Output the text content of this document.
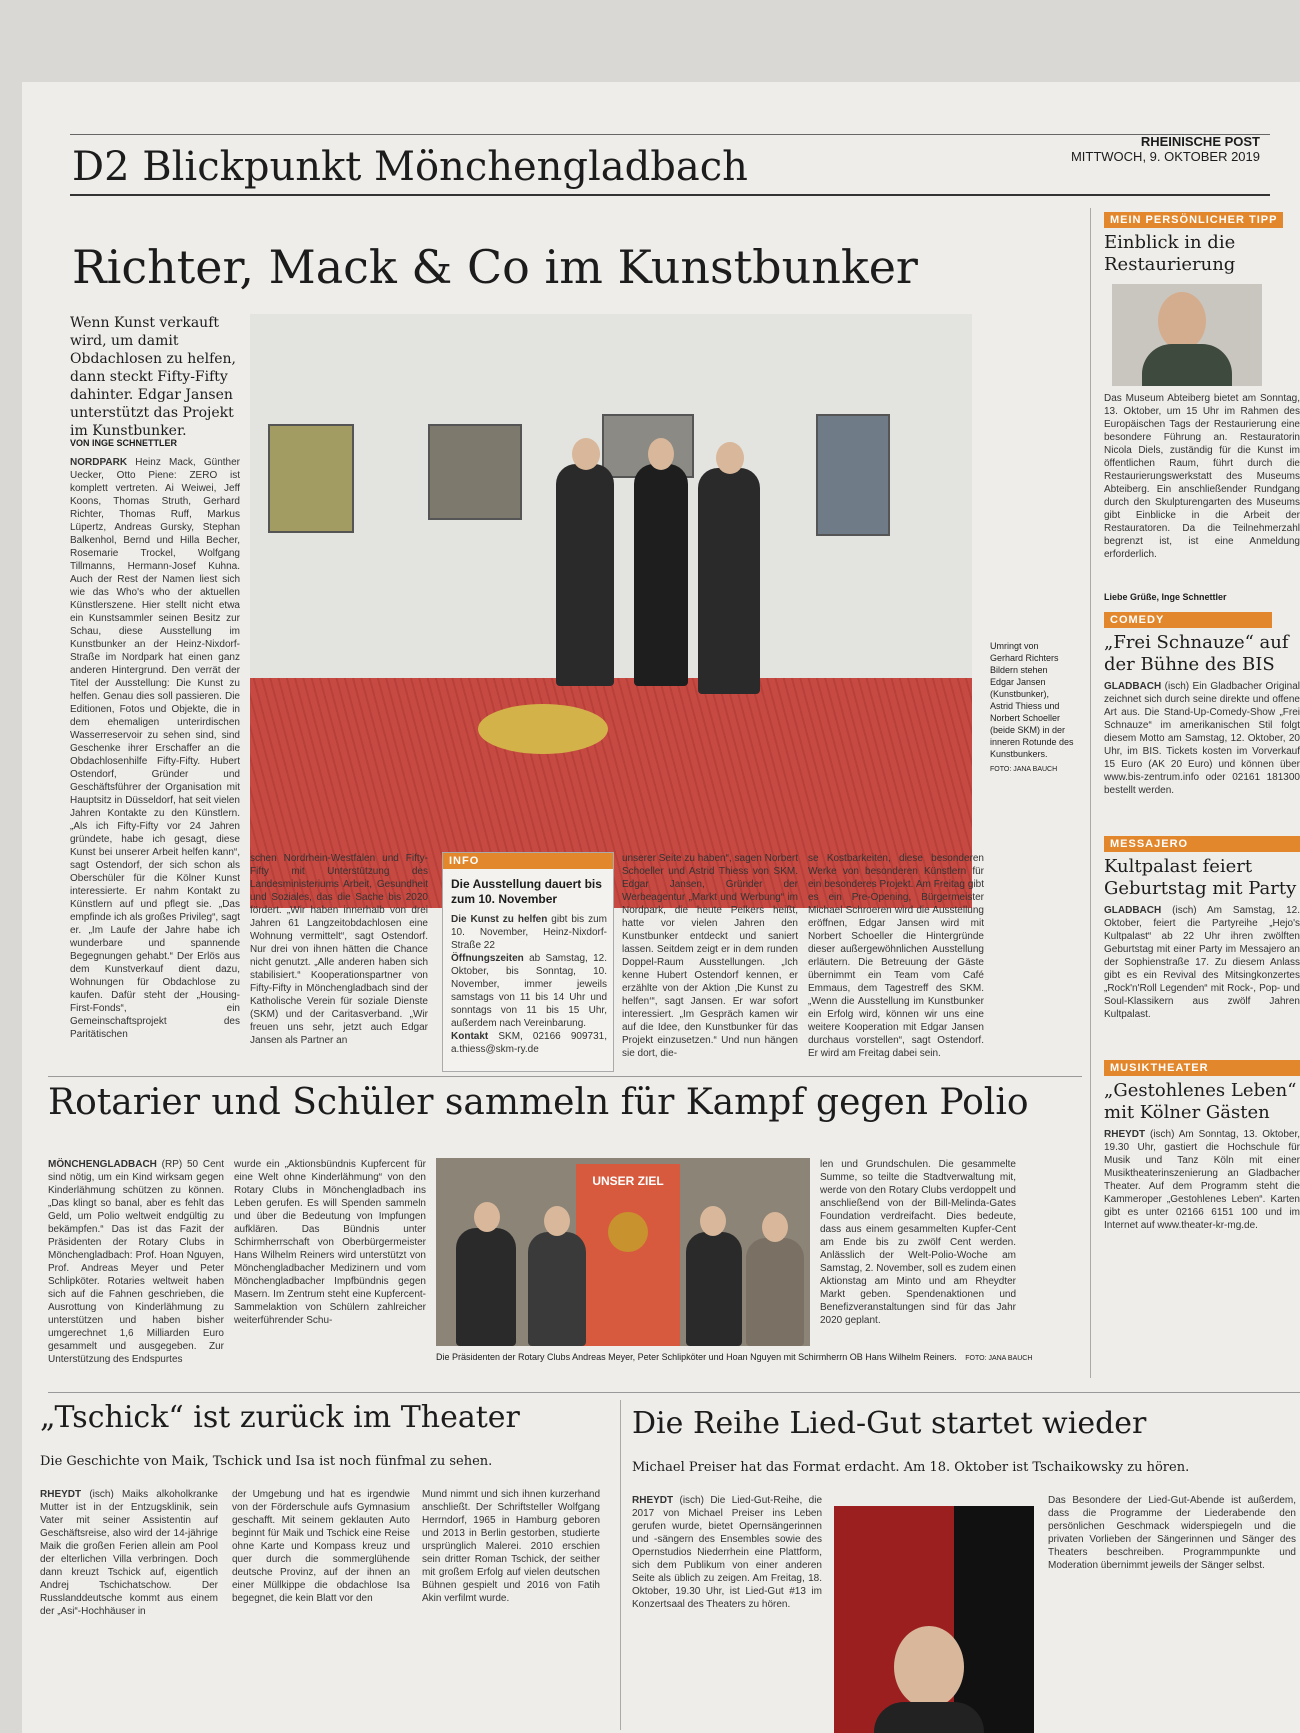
D2 Blickpunkt Mönchengladbach
RHEINISCHE POST
MITTWOCH, 9. OKTOBER 2019
Richter, Mack & Co im Kunstbunker
Wenn Kunst verkauft wird, um damit Obdachlosen zu helfen, dann steckt Fifty-Fifty dahinter. Edgar Jansen unterstützt das Projekt im Kunstbunker.
VON INGE SCHNETTLER
Umringt von Gerhard Richters Bildern stehen Edgar Jansen (Kunstbunker), Astrid Thiess und Norbert Schoeller (beide SKM) in der inneren Rotunde des Kunstbunkers.
FOTO: JANA BAUCH
NORDPARK Heinz Mack, Günther Uecker, Otto Piene: ZERO ist komplett vertreten. Ai Weiwei, Jeff Koons, Thomas Struth, Gerhard Richter, Thomas Ruff, Markus Lüpertz, Andreas Gursky, Stephan Balkenhol, Bernd und Hilla Becher, Rosemarie Trockel, Wolfgang Tillmanns, Hermann-Josef Kuhna. Auch der Rest der Namen liest sich wie das Who's who der aktuellen Künstlerszene. Hier stellt nicht etwa ein Kunstsammler seinen Besitz zur Schau, diese Ausstellung im Kunstbunker an der Heinz-Nixdorf-Straße im Nordpark hat einen ganz anderen Hintergrund. Den verrät der Titel der Ausstellung: Die Kunst zu helfen. Genau dies soll passieren. Die Editionen, Fotos und Objekte, die in dem ehemaligen unterirdischen Wasserreservoir zu sehen sind, sind Geschenke ihrer Erschaffer an die Obdachlosenhilfe Fifty-Fifty. Hubert Ostendorf, Gründer und Geschäftsführer der Organisation mit Hauptsitz in Düsseldorf, hat seit vielen Jahren Kontakte zu den Künstlern. „Als ich Fifty-Fifty vor 24 Jahren gründete, habe ich gesagt, diese Kunst bei unserer Arbeit helfen kann“, sagt Ostendorf, der sich schon als Oberschüler für die Kölner Kunst interessierte. Er nahm Kontakt zu Künstlern auf und pflegt sie. „Das empfinde ich als großes Privileg“, sagt er. „Im Laufe der Jahre habe ich wunderbare und spannende Begegnungen gehabt.“ Der Erlös aus dem Kunstverkauf dient dazu, Wohnungen für Obdachlose zu kaufen. Dafür steht der „Housing-First-Fonds“, ein Gemeinschaftsprojekt des Paritätischen
schen Nordrhein-Westfalen und Fifty-Fifty mit Unterstützung des Landesministeriums Arbeit, Gesundheit und Soziales, das die Sache bis 2020 fördert. „Wir haben innerhalb von drei Jahren 61 Langzeitobdachlosen eine Wohnung vermittelt“, sagt Ostendorf. Nur drei von ihnen hätten die Chance nicht genutzt. „Alle anderen haben sich stabilisiert.“ Kooperationspartner von Fifty-Fifty in Mönchengladbach sind der Katholische Verein für soziale Dienste (SKM) und der Caritasverband. „Wir freuen uns sehr, jetzt auch Edgar Jansen als Partner an
INFO
Die Ausstellung dauert bis zum 10. November
Die Kunst zu helfen gibt bis zum 10. November, Heinz-Nixdorf-Straße 22
Öffnungszeiten ab Samstag, 12. Oktober, bis Sonntag, 10. November, immer jeweils samstags von 11 bis 14 Uhr und sonntags von 11 bis 15 Uhr, außerdem nach Vereinbarung.
Kontakt SKM, 02166 909731, a.thiess@skm-ry.de
unserer Seite zu haben“, sagen Norbert Schoeller und Astrid Thiess von SKM. Edgar Jansen, Gründer der Werbeagentur „Markt und Werbung“ im Nordpark, die heute Pelkers heißt, hatte vor vielen Jahren den Kunstbunker entdeckt und saniert lassen. Seitdem zeigt er in dem runden Doppel-Raum Ausstellungen. „Ich kenne Hubert Ostendorf kennen, er erzählte von der Aktion ‚Die Kunst zu helfen‘“, sagt Jansen. Er war sofort interessiert. „Im Gespräch kamen wir auf die Idee, den Kunstbunker für das Projekt einzusetzen.“ Und nun hängen sie dort, die-
se Kostbarkeiten, diese besonderen Werke von besonderen Künstlern für ein besonderes Projekt. Am Freitag gibt es ein Pre-Opening, Bürgermeister Michael Schroeren wird die Ausstellung eröffnen, Edgar Jansen wird mit Norbert Schoeller die Hintergründe dieser außergewöhnlichen Ausstellung erläutern. Die Betreuung der Gäste übernimmt ein Team vom Café Emmaus, dem Tagestreff des SKM. „Wenn die Ausstellung im Kunstbunker ein Erfolg wird, können wir uns eine weitere Kooperation mit Edgar Jansen durchaus vorstellen“, sagt Ostendorf. Er wird am Freitag dabei sein.
MEIN PERSÖNLICHER TIPP
Einblick in die Restaurierung
Das Museum Abteiberg bietet am Sonntag, 13. Oktober, um 15 Uhr im Rahmen des Europäischen Tags der Restaurierung eine besondere Führung an. Restauratorin Nicola Diels, zuständig für die Kunst im öffentlichen Raum, führt durch die Restaurierungswerkstatt des Museums Abteiberg. Ein anschließender Rundgang durch den Skulpturengarten des Museums gibt Einblicke in die Arbeit der Restauratoren. Da die Teilnehmerzahl begrenzt ist, ist eine Anmeldung erforderlich.
Liebe Grüße, Inge Schnettler
COMEDY
„Frei Schnauze“ auf der Bühne des BIS
GLADBACH (isch) Ein Gladbacher Original zeichnet sich durch seine direkte und offene Art aus. Die Stand-Up-Comedy-Show „Frei Schnauze“ im amerikanischen Stil folgt diesem Motto am Samstag, 12. Oktober, 20 Uhr, im BIS. Tickets kosten im Vorverkauf 15 Euro (AK 20 Euro) und können über www.bis-zentrum.info oder 02161 181300 bestellt werden.
MESSAJERO
Kultpalast feiert Geburtstag mit Party
GLADBACH (isch) Am Samstag, 12. Oktober, feiert die Partyreihe „Hejo's Kultpalast“ ab 22 Uhr ihren zwölften Geburtstag mit einer Party im Messajero an der Sophienstraße 17. Zu diesem Anlass gibt es ein Revival des Mitsingkonzertes „Rock'n'Roll Legenden“ mit Rock-, Pop- und Soul-Klassikern aus zwölf Jahren Kultpalast.
MUSIKTHEATER
„Gestohlenes Leben“ mit Kölner Gästen
RHEYDT (isch) Am Sonntag, 13. Oktober, 19.30 Uhr, gastiert die Hochschule für Musik und Tanz Köln mit einer Musiktheaterinszenierung an Gladbacher Theater. Auf dem Programm steht die Kammeroper „Gestohlenes Leben“. Karten gibt es unter 02166 6151 100 und im Internet auf www.theater-kr-mg.de.
Rotarier und Schüler sammeln für Kampf gegen Polio
MÖNCHENGLADBACH (RP) 50 Cent sind nötig, um ein Kind wirksam gegen Kinderlähmung schützen zu können. „Das klingt so banal, aber es fehlt das Geld, um Polio weltweit endgültig zu bekämpfen.“ Das ist das Fazit der Präsidenten der Rotary Clubs in Mönchengladbach: Prof. Hoan Nguyen, Prof. Andreas Meyer und Peter Schlipköter. Rotaries weltweit haben sich auf die Fahnen geschrieben, die Ausrottung von Kinderlähmung zu unterstützen und haben bisher umgerechnet 1,6 Milliarden Euro gesammelt und ausgegeben. Zur Unterstützung des Endspurtes
wurde ein „Aktionsbündnis Kupfercent für eine Welt ohne Kinderlähmung“ von den Rotary Clubs in Mönchengladbach ins Leben gerufen. Es will Spenden sammeln und über die Bedeutung von Impfungen aufklären. Das Bündnis unter Schirmherrschaft von Oberbürgermeister Hans Wilhelm Reiners wird unterstützt von Mönchengladbacher Medizinern und vom Mönchengladbacher Impfbündnis gegen Masern. Im Zentrum steht eine Kupfercent-Sammelaktion von Schülern zahlreicher weiterführender Schu-
UNSER ZIEL
Die Präsidenten der Rotary Clubs Andreas Meyer, Peter Schlipköter und Hoan Nguyen mit Schirmherrn OB Hans Wilhelm Reiners. FOTO: JANA BAUCH
len und Grundschulen. Die gesammelte Summe, so teilte die Stadtverwaltung mit, werde von den Rotary Clubs verdoppelt und anschließend von der Bill-Melinda-Gates Foundation verdreifacht. Dies bedeute, dass aus einem gesammelten Kupfer-Cent am Ende bis zu zwölf Cent werden. Anlässlich der Welt-Polio-Woche am Samstag, 2. November, soll es zudem einen Aktionstag am Minto und am Rheydter Markt geben. Spendenaktionen und Benefizveranstaltungen sind für das Jahr 2020 geplant.
„Tschick“ ist zurück im Theater
Die Geschichte von Maik, Tschick und Isa ist noch fünfmal zu sehen.
RHEYDT (isch) Maiks alkoholkranke Mutter ist in der Entzugsklinik, sein Vater mit seiner Assistentin auf Geschäftsreise, also wird der 14-jährige Maik die großen Ferien allein am Pool der elterlichen Villa verbringen. Doch dann kreuzt Tschick auf, eigentlich Andrej Tschichatschow. Der Russlanddeutsche kommt aus einem der „Asi“-Hochhäuser in
der Umgebung und hat es irgendwie von der Förderschule aufs Gymnasium geschafft. Mit seinem geklauten Auto beginnt für Maik und Tschick eine Reise ohne Karte und Kompass kreuz und quer durch die sommerglühende deutsche Provinz, auf der ihnen an einer Müllkippe die obdachlose Isa begegnet, die kein Blatt vor den
Mund nimmt und sich ihnen kurzerhand anschließt. Der Schriftsteller Wolfgang Herrndorf, 1965 in Hamburg geboren und 2013 in Berlin gestorben, studierte ursprünglich Malerei. 2010 erschien sein dritter Roman Tschick, der seither mit großem Erfolg auf vielen deutschen Bühnen gespielt und 2016 von Fatih Akin verfilmt wurde.
Die Reihe Lied-Gut startet wieder
Michael Preiser hat das Format erdacht. Am 18. Oktober ist Tschaikowsky zu hören.
RHEYDT (isch) Die Lied-Gut-Reihe, die 2017 von Michael Preiser ins Leben gerufen wurde, bietet Opernsängerinnen und -sängern des Ensembles sowie des Opernstudios Niederrhein eine Plattform, sich dem Publikum von einer anderen Seite als üblich zu zeigen. Am Freitag, 18. Oktober, 19.30 Uhr, ist Lied-Gut #13 im Konzertsaal des Theaters zu hören.
Das Besondere der Lied-Gut-Abende ist außerdem, dass die Programme der Liederabende den persönlichen Geschmack widerspiegeln und die privaten Vorlieben der Sängerinnen und Sänger des Theaters beschreiben. Programmpunkte und Moderation übernimmt jeweils der Sänger selbst.
